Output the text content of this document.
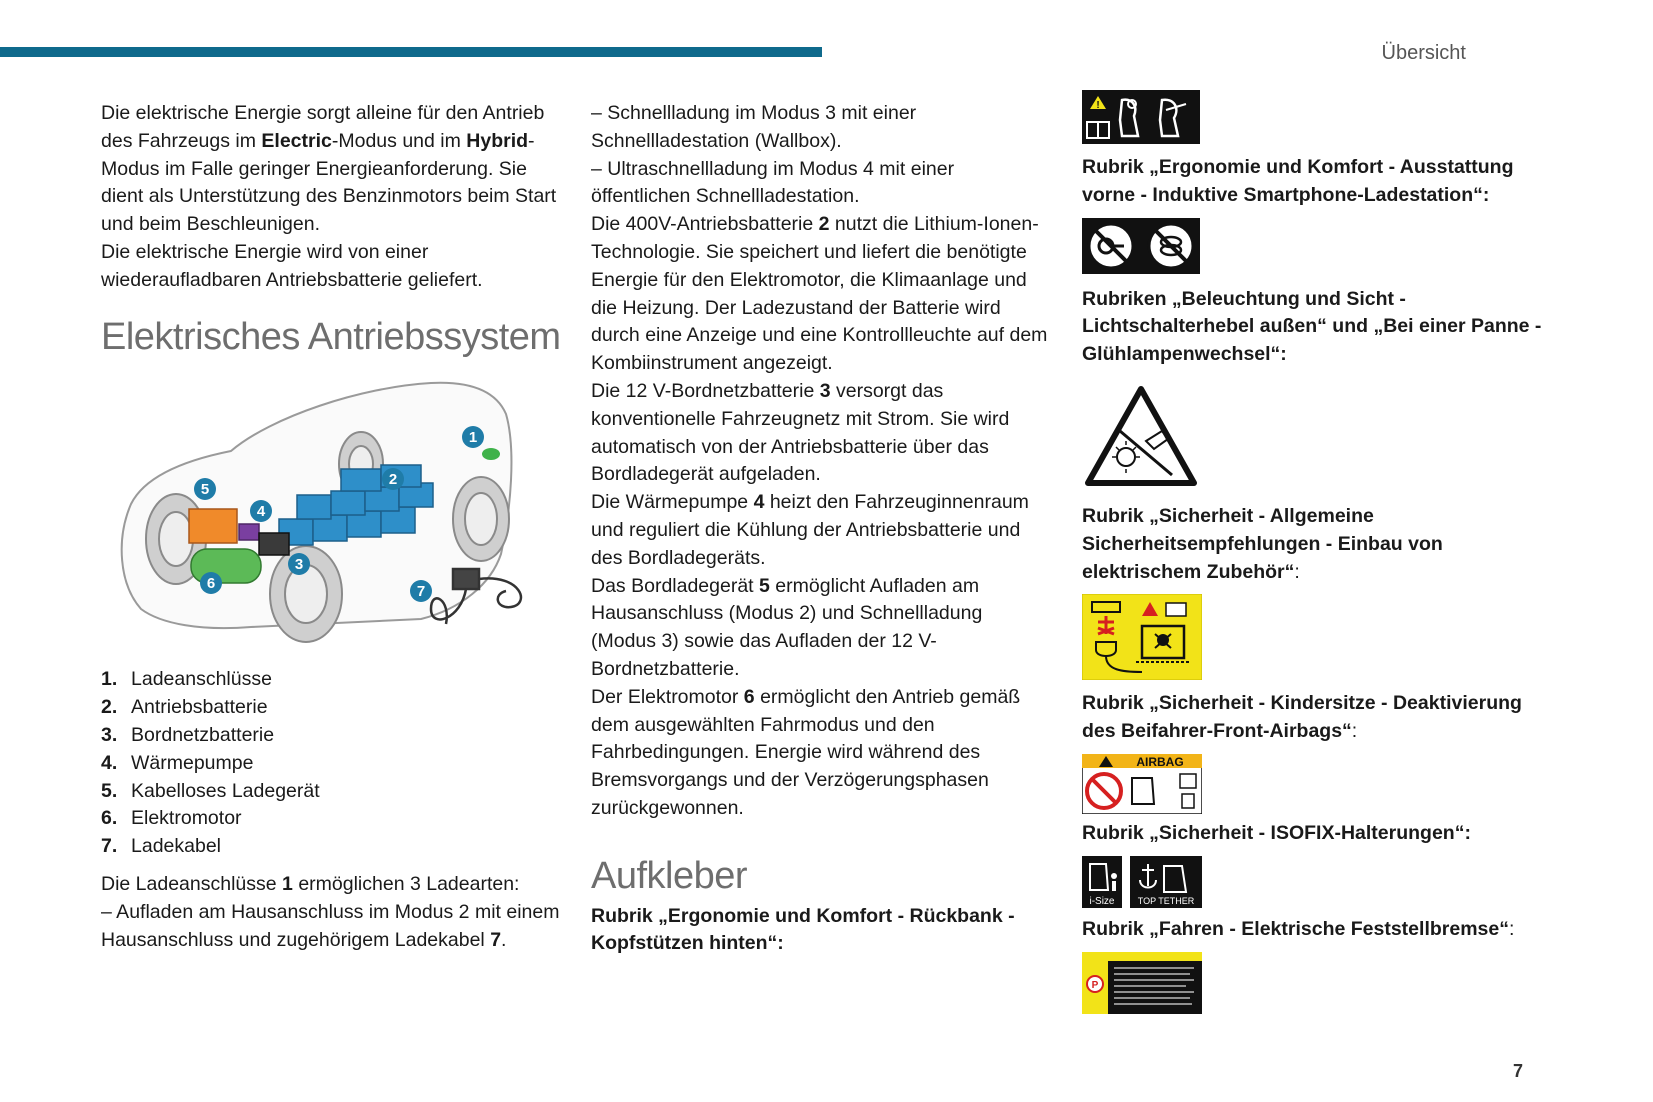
Übersicht
7

Die elektrische Energie sorgt alleine für den Antrieb des Fahrzeugs im Electric-Modus und im Hybrid-Modus im Falle geringer Energieanforderung. Sie dient als Unterstützung des Benzinmotors beim Start und beim Beschleunigen.

Die elektrische Energie wird von einer wiederaufladbaren Antriebsbatterie geliefert.

Elektrisches Antriebssystem
1
2
3
4
5
6	7
1. Ladeanschlüsse
2. Antriebsbatterie
3. Bordnetzbatterie
4. Wärmepumpe
5. Kabelloses Ladegerät
6. Elektromotor
7. Ladekabel

Die Ladeanschlüsse 1 ermöglichen 3 Ladearten:

– Aufladen am Hausanschluss im Modus 2 mit einem Hausanschluss und zugehörigem Ladekabel 7.

– Schnellladung im Modus 3 mit einer Schnellladestation (Wallbox).

– Ultraschnellladung im Modus 4 mit einer öffentlichen Schnellladestation.

Die 400V-Antriebsbatterie 2 nutzt die Lithium-Ionen-Technologie. Sie speichert und liefert die benötigte Energie für den Elektromotor, die Klimaanlage und die Heizung. Der Ladezustand der Batterie wird durch eine Anzeige und eine Kontrollleuchte auf dem Kombiinstrument angezeigt.

Die 12 V-Bordnetzbatterie 3 versorgt das konventionelle Fahrzeugnetz mit Strom. Sie wird automatisch von der Antriebsbatterie über das Bordladegerät aufgeladen.

Die Wärmepumpe 4 heizt den Fahrzeuginnenraum und reguliert die Kühlung der Antriebsbatterie und des Bordladegeräts.

Das Bordladegerät 5 ermöglicht Aufladen am Hausanschluss (Modus 2) und Schnellladung (Modus 3) sowie das Aufladen der 12 V-Bordnetzbatterie.

Der Elektromotor 6 ermöglicht den Antrieb gemäß dem ausgewählten Fahrmodus und den Fahrbedingungen. Energie wird während des Bremsvorgangs und der Verzögerungsphasen zurückgewonnen.

Aufkleber

Rubrik „Ergonomie und Komfort - Rückbank - Kopfstützen hinten“:

!

Rubrik „Ergonomie und Komfort - Ausstattung vorne - Induktive Smartphone-Ladestation“:

Rubriken „Beleuchtung und Sicht - Lichtschalterhebel außen“ und „Bei einer Panne - Glühlampenwechsel“:

Rubrik „Sicherheit - Allgemeine Sicherheitsempfehlungen - Einbau von elektrischem Zubehör“:

Rubrik „Sicherheit - Kindersitze - Deaktivierung des Beifahrer-Front-Airbags“:

AIRBAG

Rubrik „Sicherheit - ISOFIX-Halterungen“:

i-Size	TOP TETHER

Rubrik „Fahren - Elektrische Feststellbremse“:

P
